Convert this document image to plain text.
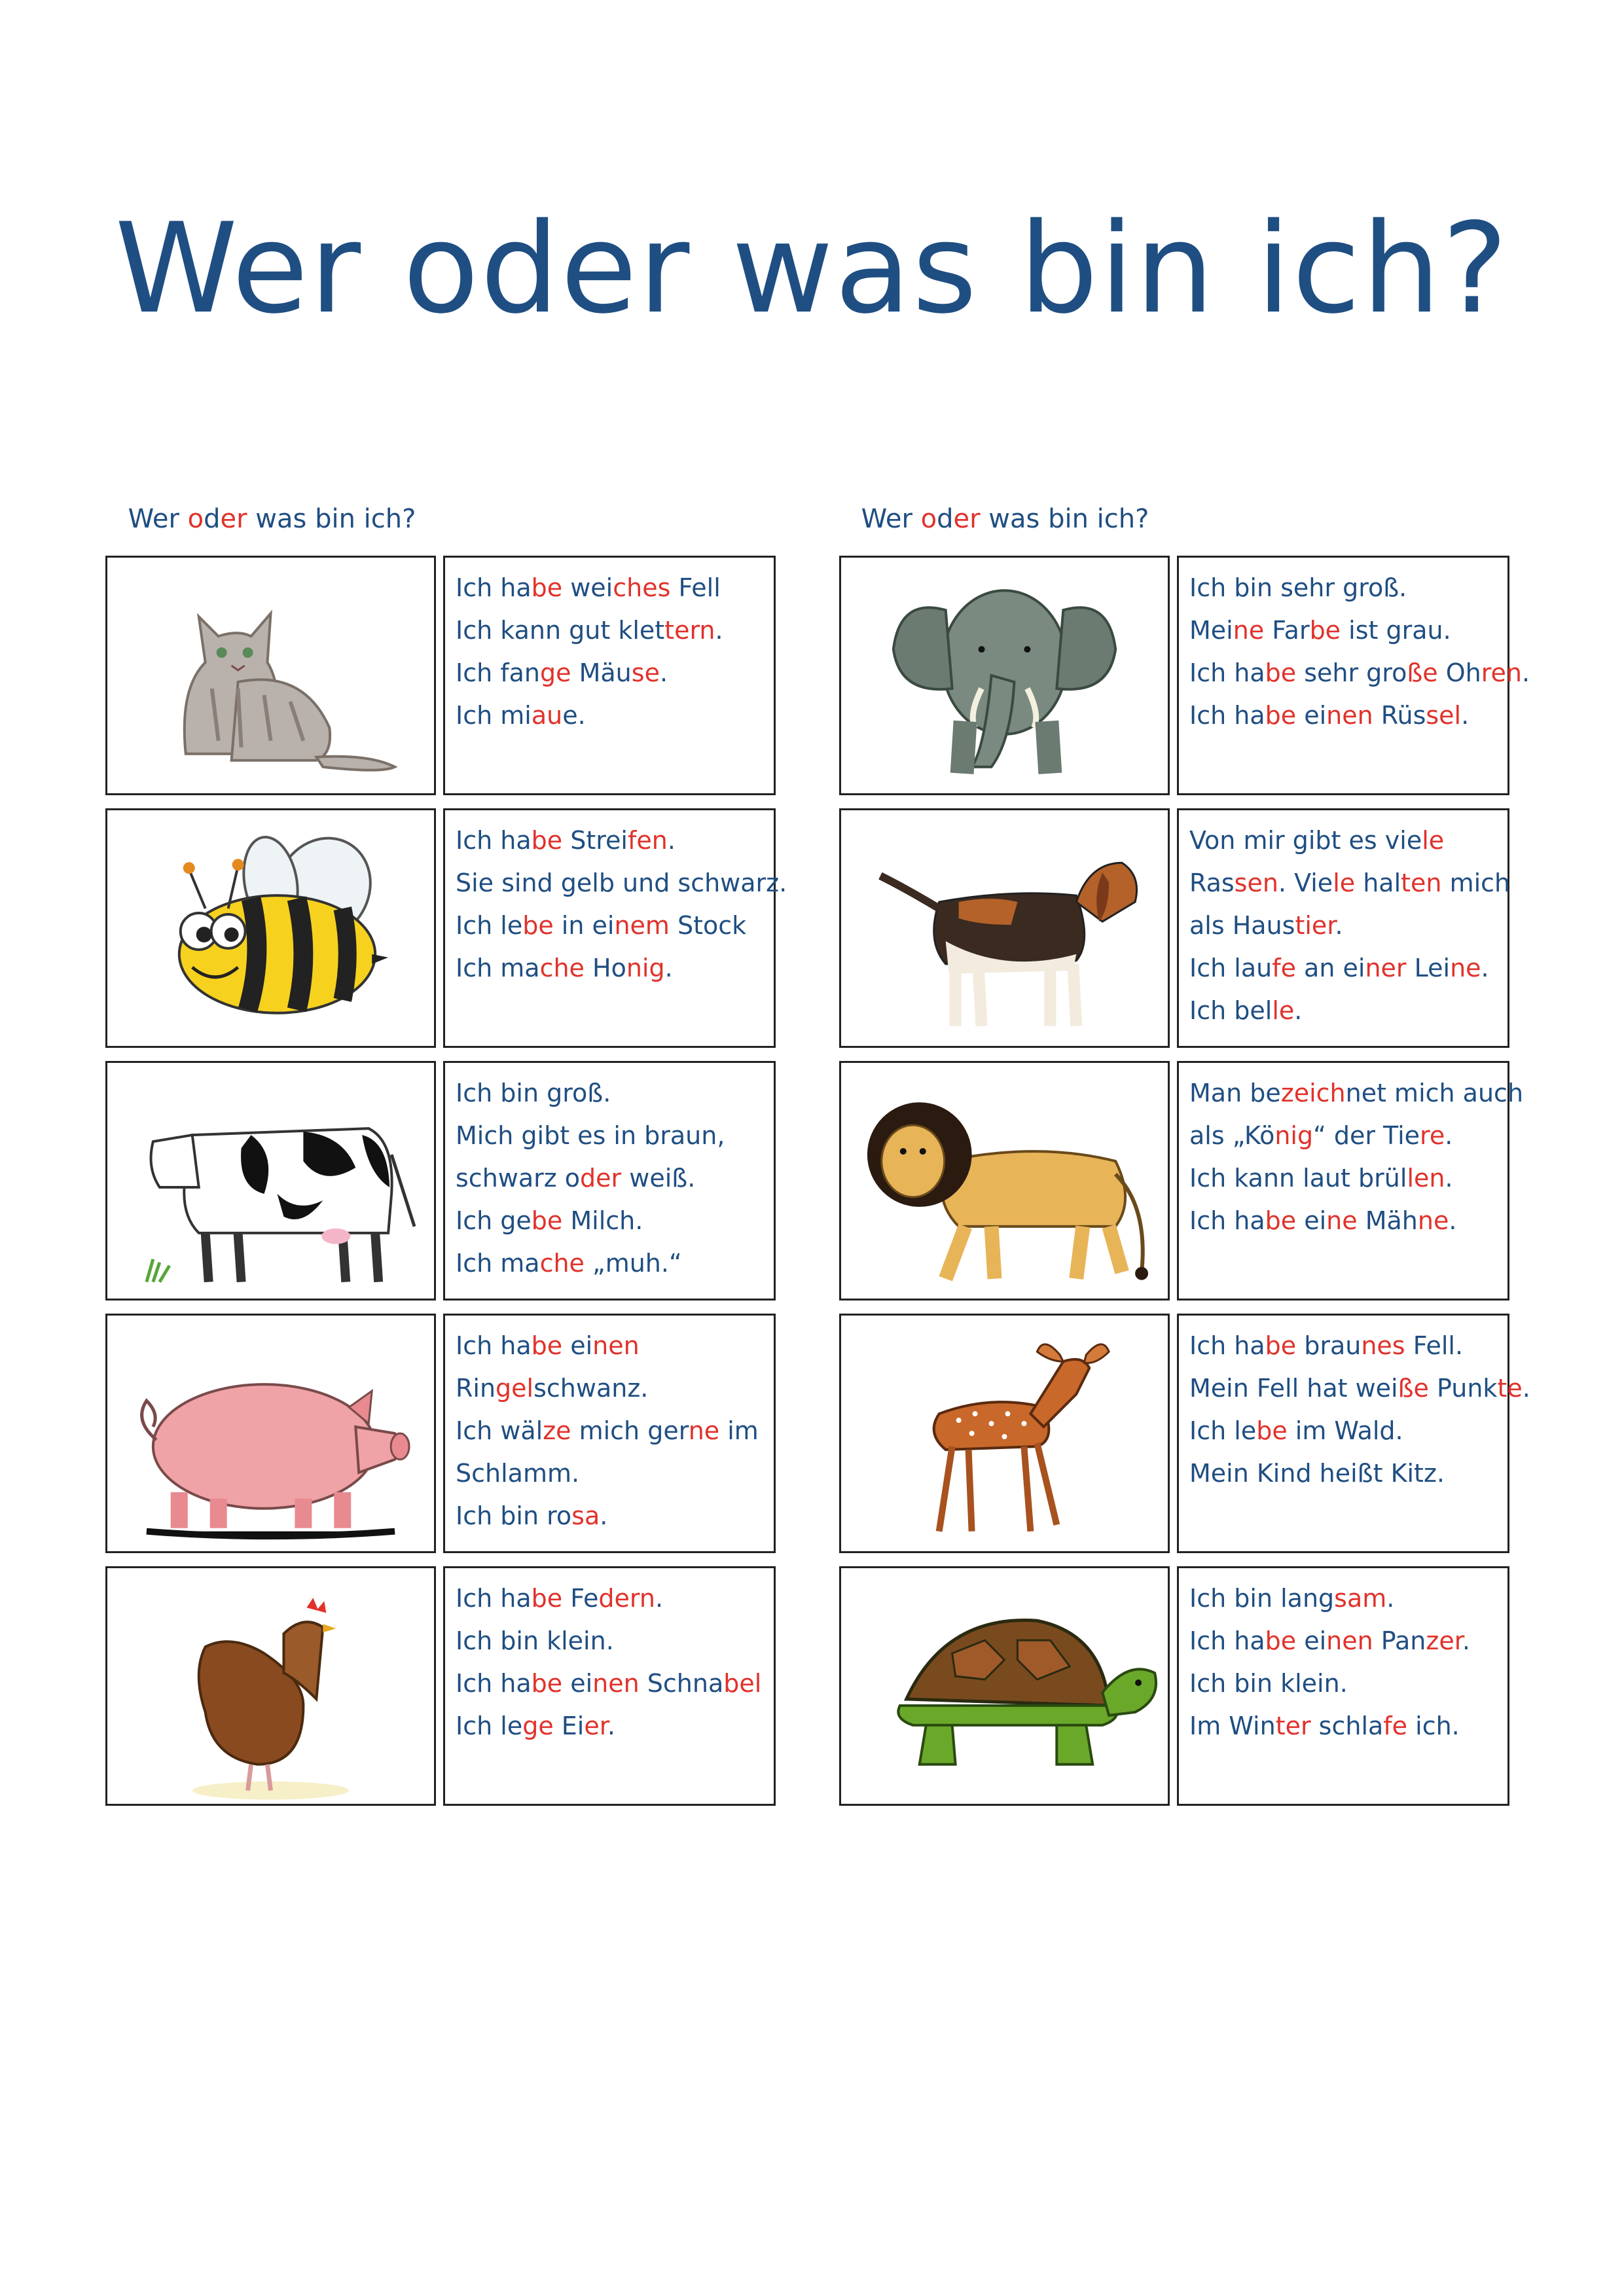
Wer oder was bin ich?
Wer oder was bin ich?	Wer oder was bin ich?
Ich habe weiches Fell
Ich kann gut klettern.
Ich fange Mäuse.
Ich miaue.
Ich habe Streifen.
Sie sind gelb und schwarz.
Ich lebe in einem Stock
Ich mache Honig.
Ich bin groß.
Mich gibt es in braun,
schwarz oder weiß.
Ich gebe Milch.
Ich mache „muh.“
Ich habe einen
Ringelschwanz.
Ich wälze mich gerne im
Schlamm.
Ich bin rosa.
Ich habe Federn.
Ich bin klein.
Ich habe einen Schnabel
Ich lege Eier.
Ich bin sehr groß.
Meine Farbe ist grau.
Ich habe sehr große Ohren.
Ich habe einen Rüssel.
Von mir gibt es viele
Rassen. Viele halten mich
als Haustier.
Ich laufe an einer Leine.
Ich belle.
Man bezeichnet mich auch
als „König“ der Tiere.
Ich kann laut brüllen.
Ich habe eine Mähne.
Ich habe braunes Fell.
Mein Fell hat weiße Punkte.
Ich lebe im Wald.
Mein Kind heißt Kitz.
Ich bin langsam.
Ich habe einen Panzer.
Ich bin klein.
Im Winter schlafe ich.
